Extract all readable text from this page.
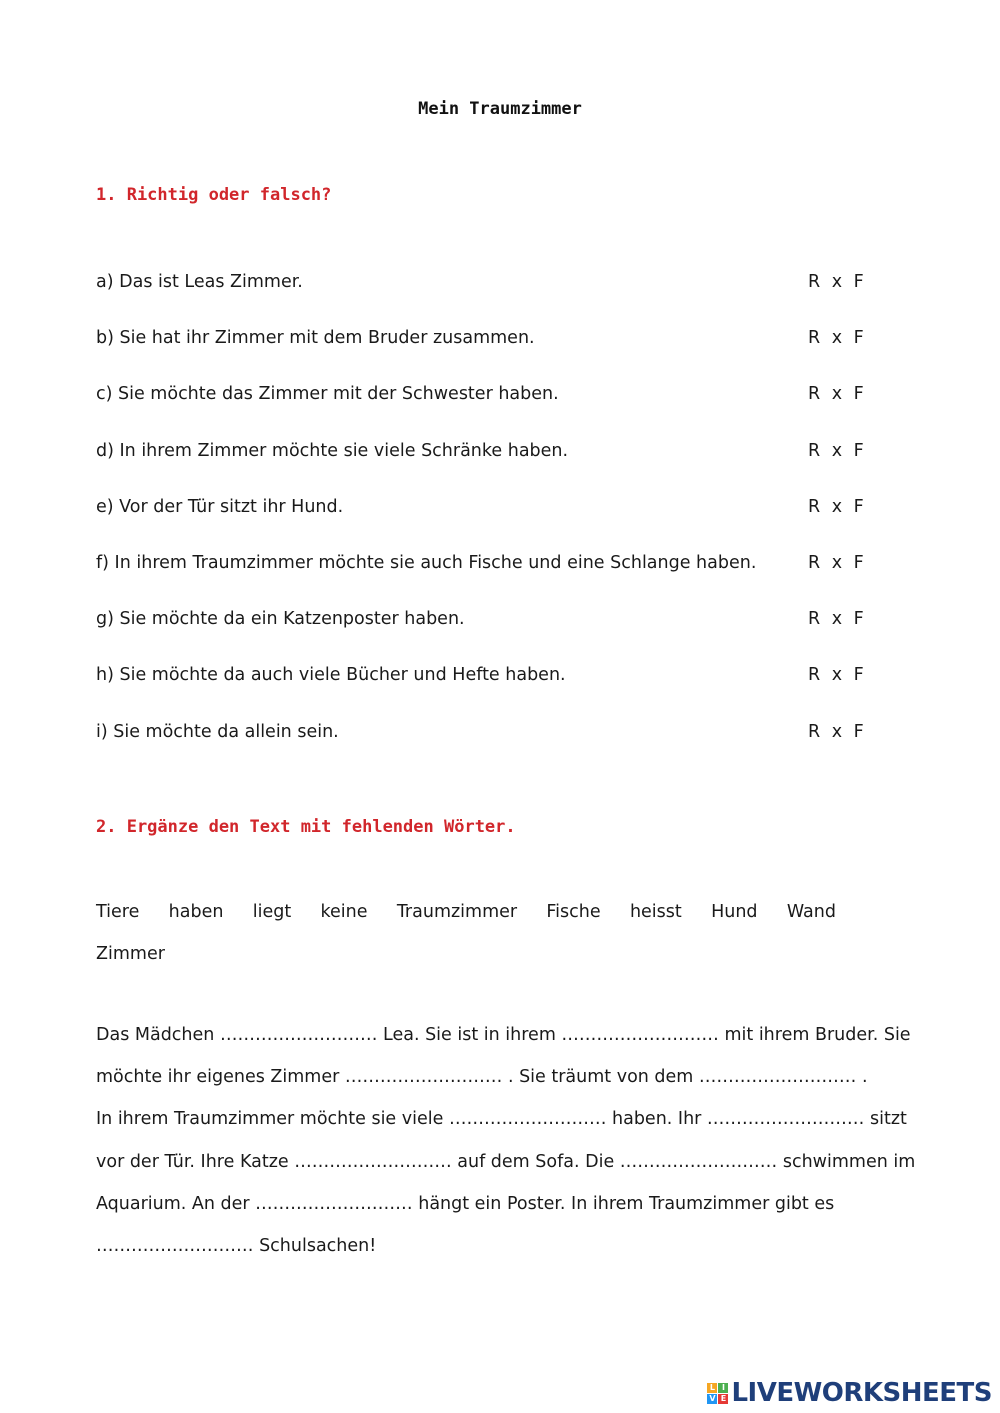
Mein Traumzimmer
1. Richtig oder falsch?
a) Das ist Leas Zimmer.	R x F
b) Sie hat ihr Zimmer mit dem Bruder zusammen.	R x F
c) Sie möchte das Zimmer mit der Schwester haben.	R x F
d) In ihrem Zimmer möchte sie viele Schränke haben.	R x F
e) Vor der Tür sitzt ihr Hund.	R x F
f) In ihrem Traumzimmer möchte sie auch Fische und eine Schlange haben.	R x F
g) Sie möchte da ein Katzenposter haben.	R x F
h) Sie möchte da auch viele Bücher und Hefte haben.	R x F
i) Sie möchte da allein sein.	R x F
2. Ergänze den Text mit fehlenden Wörter.
Tiere haben liegt keine Traumzimmer Fische heisst Hund Wand
Zimmer
Das Mädchen ……………………… Lea. Sie ist in ihrem ……………………… mit ihrem Bruder. Sie
möchte ihr eigenes Zimmer ……………………… . Sie träumt von dem ……………………… .
In ihrem Traumzimmer möchte sie viele ……………………… haben. Ihr ……………………… sitzt
vor der Tür. Ihre Katze ……………………… auf dem Sofa. Die ……………………… schwimmen im
Aquarium. An der ……………………… hängt ein Poster. In ihrem Traumzimmer gibt es
……………………… Schulsachen!
L I
V E LIVEWORKSHEETS
